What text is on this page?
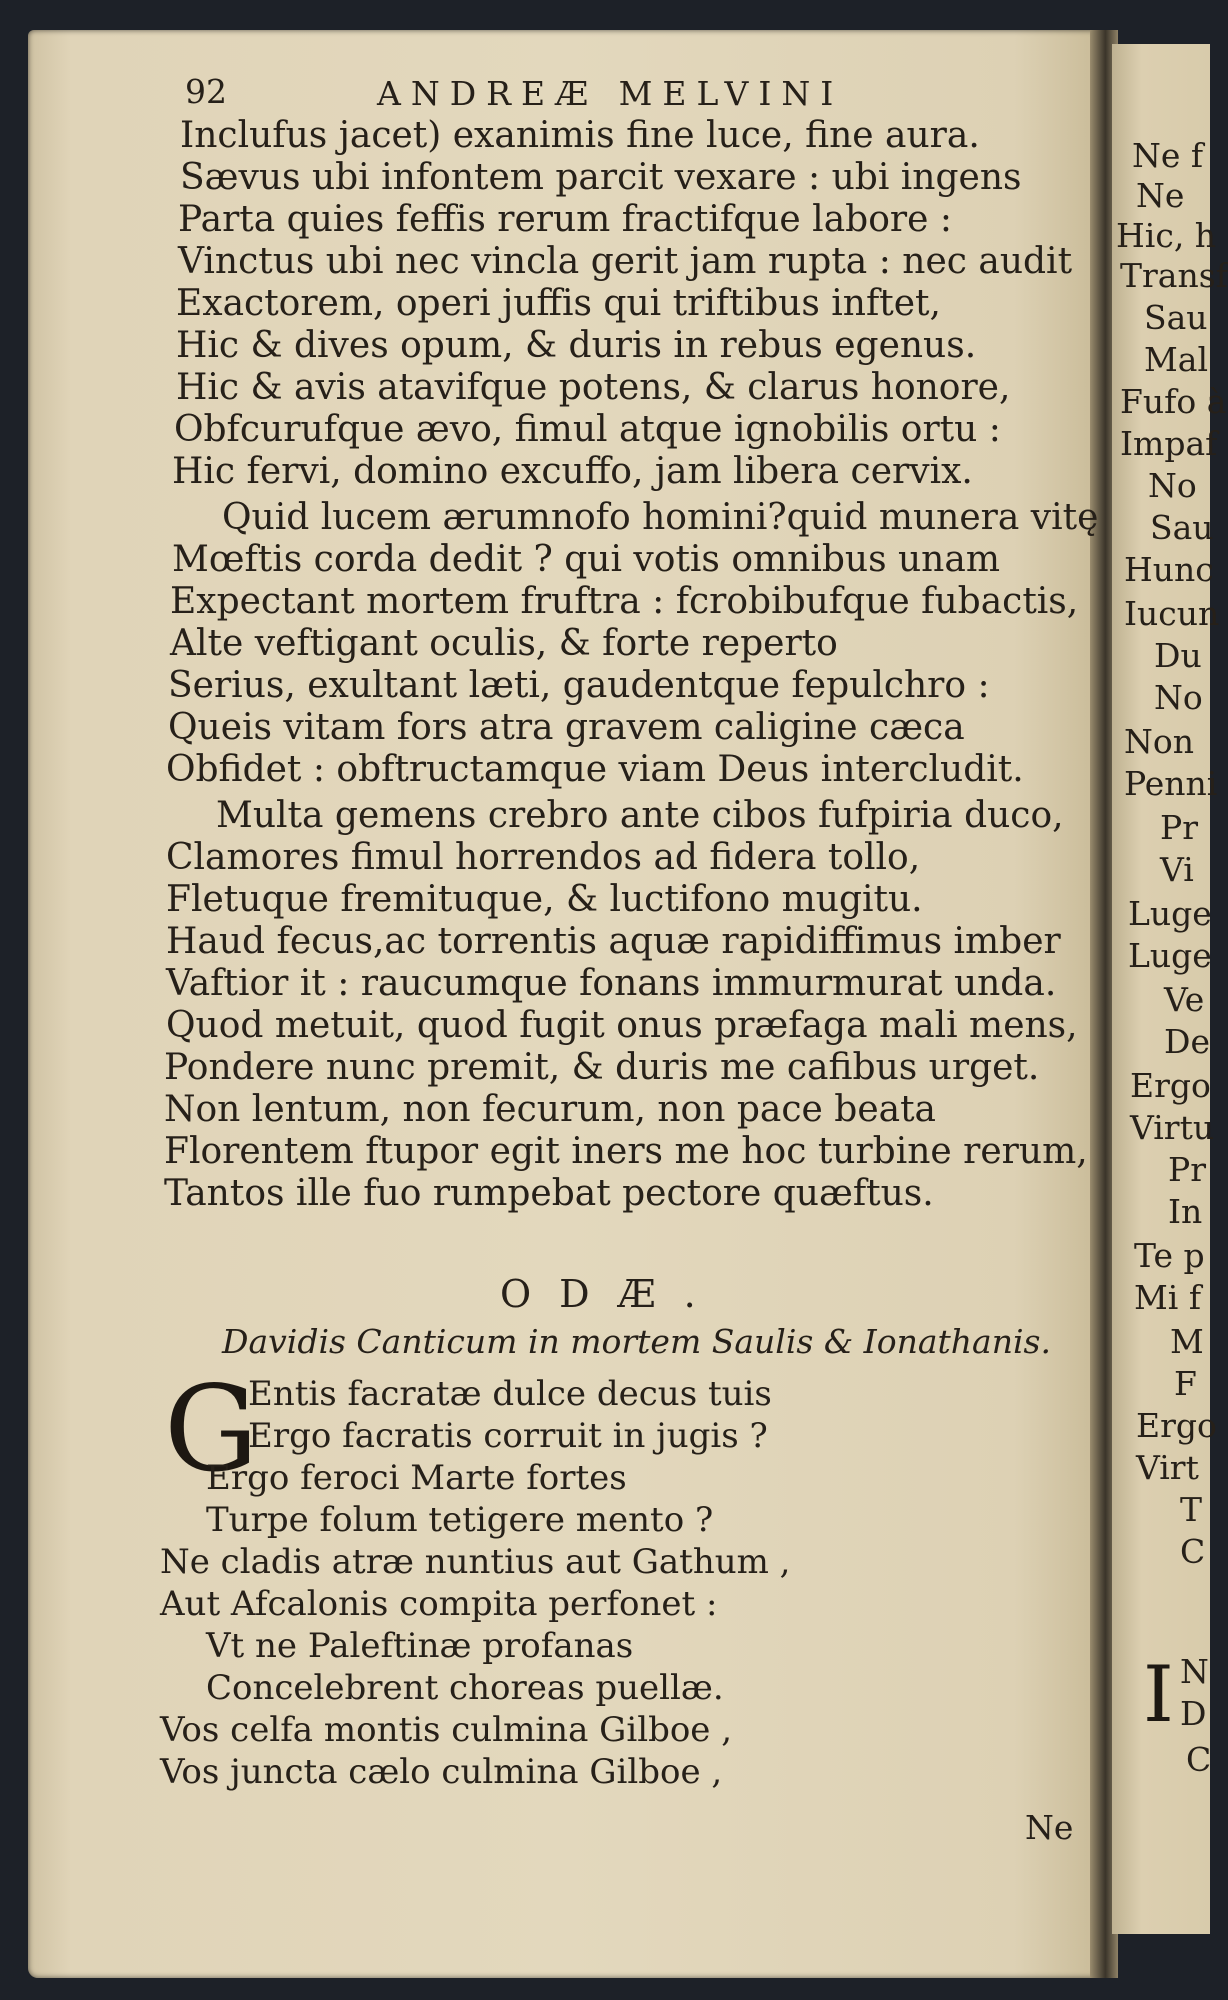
92	ANDREÆ MELVINI
Inclufus jacet) exanimis fine luce, fine aura.
Sævus ubi infontem parcit vexare : ubi ingens
Parta quies feffis rerum fractifque labore :
Vinctus ubi nec vincla gerit jam rupta : nec audit
Exactorem, operi juffis qui triftibus inftet,
Hic & dives opum, & duris in rebus egenus.
Hic & avis atavifque potens, & clarus honore,
Obfcurufque ævo, fimul atque ignobilis ortu :
Hic fervi, domino excuffo, jam libera cervix.
Quid lucem ærumnofo homini?quid munera vitę
Mœftis corda dedit ? qui votis omnibus unam
Expectant mortem fruftra : fcrobibufque fubactis,
Alte veftigant oculis, & forte reperto
Serius, exultant læti, gaudentque fepulchro :
Queis vitam fors atra gravem caligine cæca
Obfidet : obftructamque viam Deus intercludit.
Multa gemens crebro ante cibos fufpiria duco,
Clamores fimul horrendos ad fidera tollo,
Fletuque fremituque, & luctifono mugitu.
Haud fecus,ac torrentis aquæ rapidiffimus imber
Vaftior it : raucumque fonans immurmurat unda.
Quod metuit, quod fugit onus præfaga mali mens,
Pondere nunc premit, & duris me cafibus urget.
Non lentum, non fecurum, non pace beata
Florentem ftupor egit iners me hoc turbine rerum,
Tantos ille fuo rumpebat pectore quæftus.
ODÆ.
Davidis Canticum in mortem Saulis & Ionathanis.
G
Entis facratæ dulce decus tuis
Ergo facratis corruit in jugis ?
Ergo feroci Marte fortes
Turpe folum tetigere mento ?
Ne cladis atræ nuntius aut Gathum ,
Aut Afcalonis compita perfonet :
Vt ne Paleftinæ profanas
Concelebrent choreas puellæ.
Vos celfa montis culmina Gilboe ,
Vos juncta cælo culmina Gilboe ,
Ne
Ne f
Ne
Hic, h
Transf
Sau
Mal
Fufo à
Impaf
No
Sau
Hunc
Iucun
Du
No
Non
Penni
Pr
Vi
Luge
Luge
Ve
De
Ergo
Virtu
Pr
In
Te p
Mi f
M
F
Ergo
Virt
T
C
N
D
C
I
